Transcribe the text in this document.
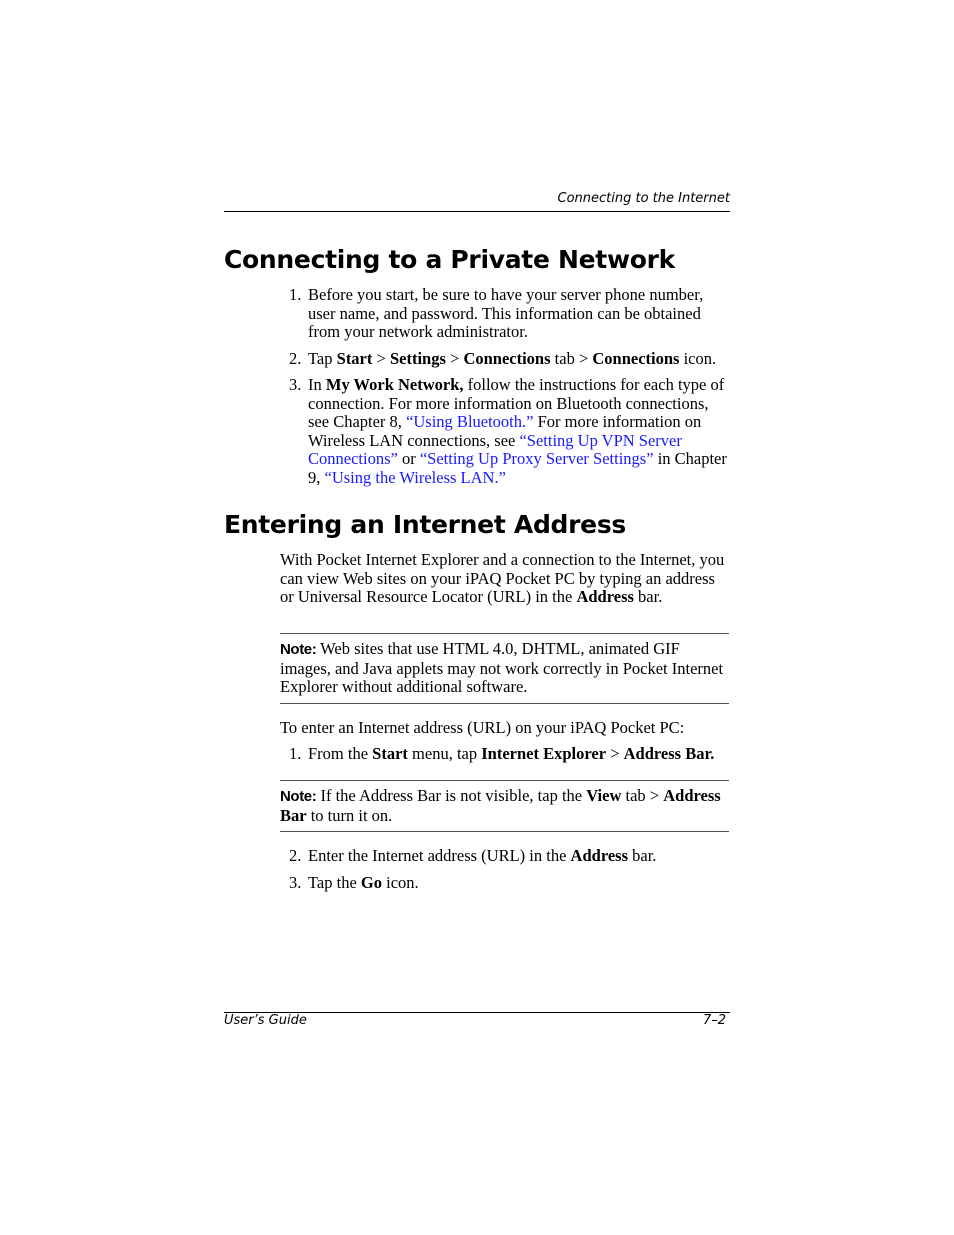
Connecting to the Internet
Connecting to a Private Network
1. Before you start, be sure to have your server phone number, user name, and password. This information can be obtained from your network administrator.
2. Tap Start > Settings > Connections tab > Connections icon.
3. In My Work Network, follow the instructions for each type of connection. For more information on Bluetooth connections, see Chapter 8, “Using Bluetooth.” For more information on Wireless LAN connections, see “Setting Up VPN Server Connections” or “Setting Up Proxy Server Settings” in Chapter 9, “Using the Wireless LAN.”
Entering an Internet Address
With Pocket Internet Explorer and a connection to the Internet, you can view Web sites on your iPAQ Pocket PC by typing an address or Universal Resource Locator (URL) in the Address bar.
Note: Web sites that use HTML 4.0, DHTML, animated GIF images, and Java applets may not work correctly in Pocket Internet Explorer without additional software.
To enter an Internet address (URL) on your iPAQ Pocket PC:
1. From the Start menu, tap Internet Explorer > Address Bar.
Note: If the Address Bar is not visible, tap the View tab > Address Bar to turn it on.
2. Enter the Internet address (URL) in the Address bar.
3. Tap the Go icon.
User’s Guide	7–2
